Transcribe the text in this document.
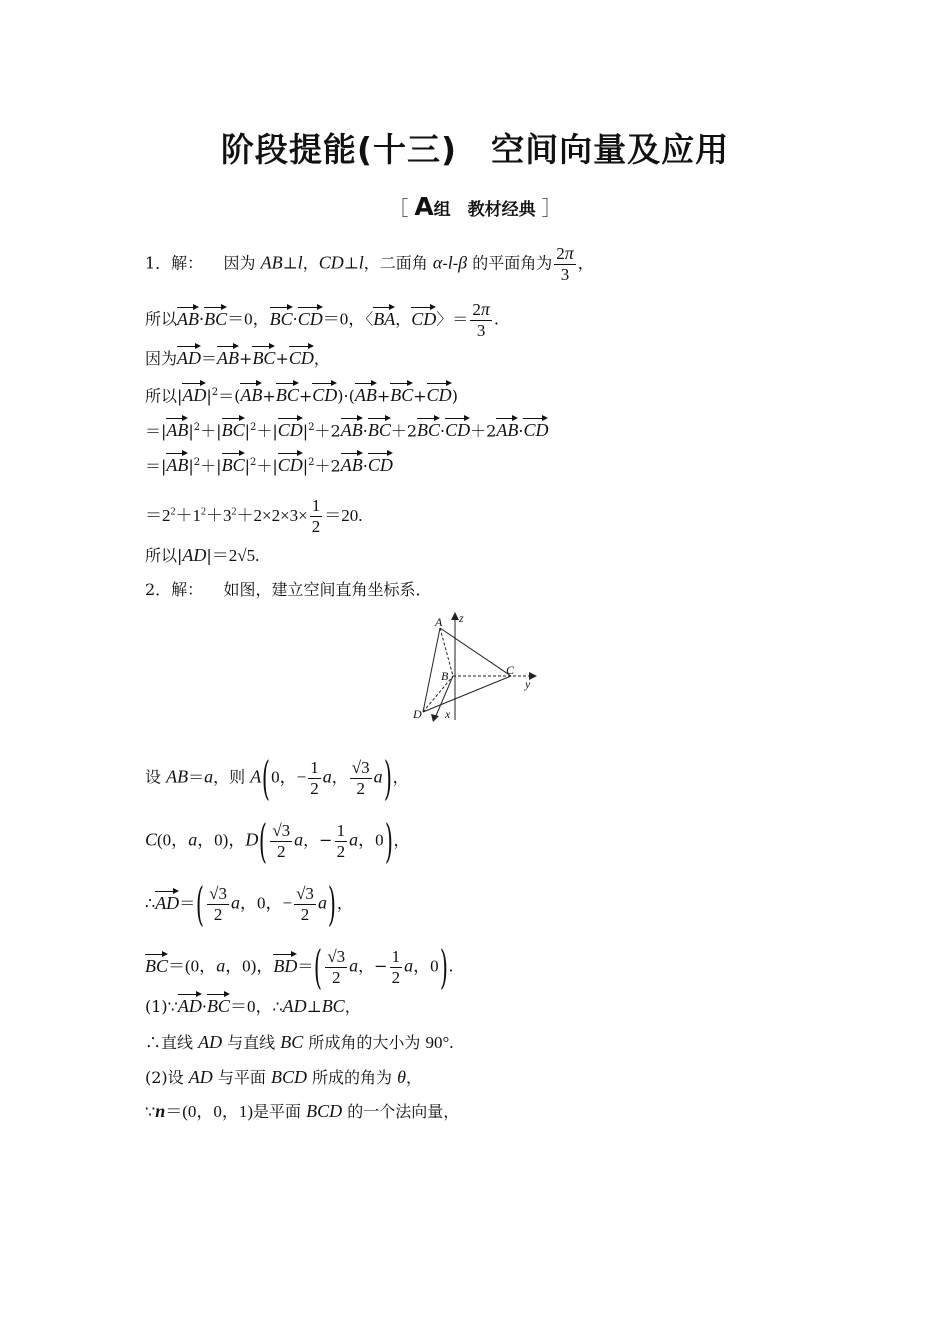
阶段提能(十三)　空间向量及应用
［ A组　教材经典 ］
1．解：    因为 AB⊥l，CD⊥l，二面角 α-l-β 的平面角为 $\frac{2\pi}{3}$ ，
所以AB·BC＝0，BC·CD＝0，〈BA，CD〉＝ $\frac{2\pi}{3}$ .
因为AD＝AB+BC+CD，
所以$|AD|^2=(AB+BC+CD)\cdot(AB+BC+CD)$
$=|AB|^2+|BC|^2+|CD|^2+2AB\cdot BC+2BC\cdot CD+2AB\cdot CD$
$=|AB|^2+|BC|^2+|CD|^2+2AB\cdot CD$
$=2^2+1^2+3^2+2\times 2\times 3\times \frac{1}{2} =20$.
所以|AD|＝2√5.
2．解：    如图，建立空间直角坐标系．
A
B	C
D x
y
z
设 AB＝a，则 A(0，− $\frac{1}{2}$ a， $\frac{√3}{2} a$)，
C(0，a，0)，$D( \frac{√3}{2}$ a，− $\frac{1}{2}$ a，0)，
∴AD＝( $\frac{√3}{2}$ a，0，− $\frac{√3}{2} a$)，
BC＝(0，a，0)，$BD=( \frac{√3}{2}$ a，− $\frac{1}{2}$ a，0).
(1)∵AD·BC＝0，∴AD⊥BC，
∴直线 AD 与直线 BC 所成角的大小为 90°.
(2)设 AD 与平面 BCD 所成的角为 θ，
∵n＝(0，0，1)是平面 BCD 的一个法向量，
